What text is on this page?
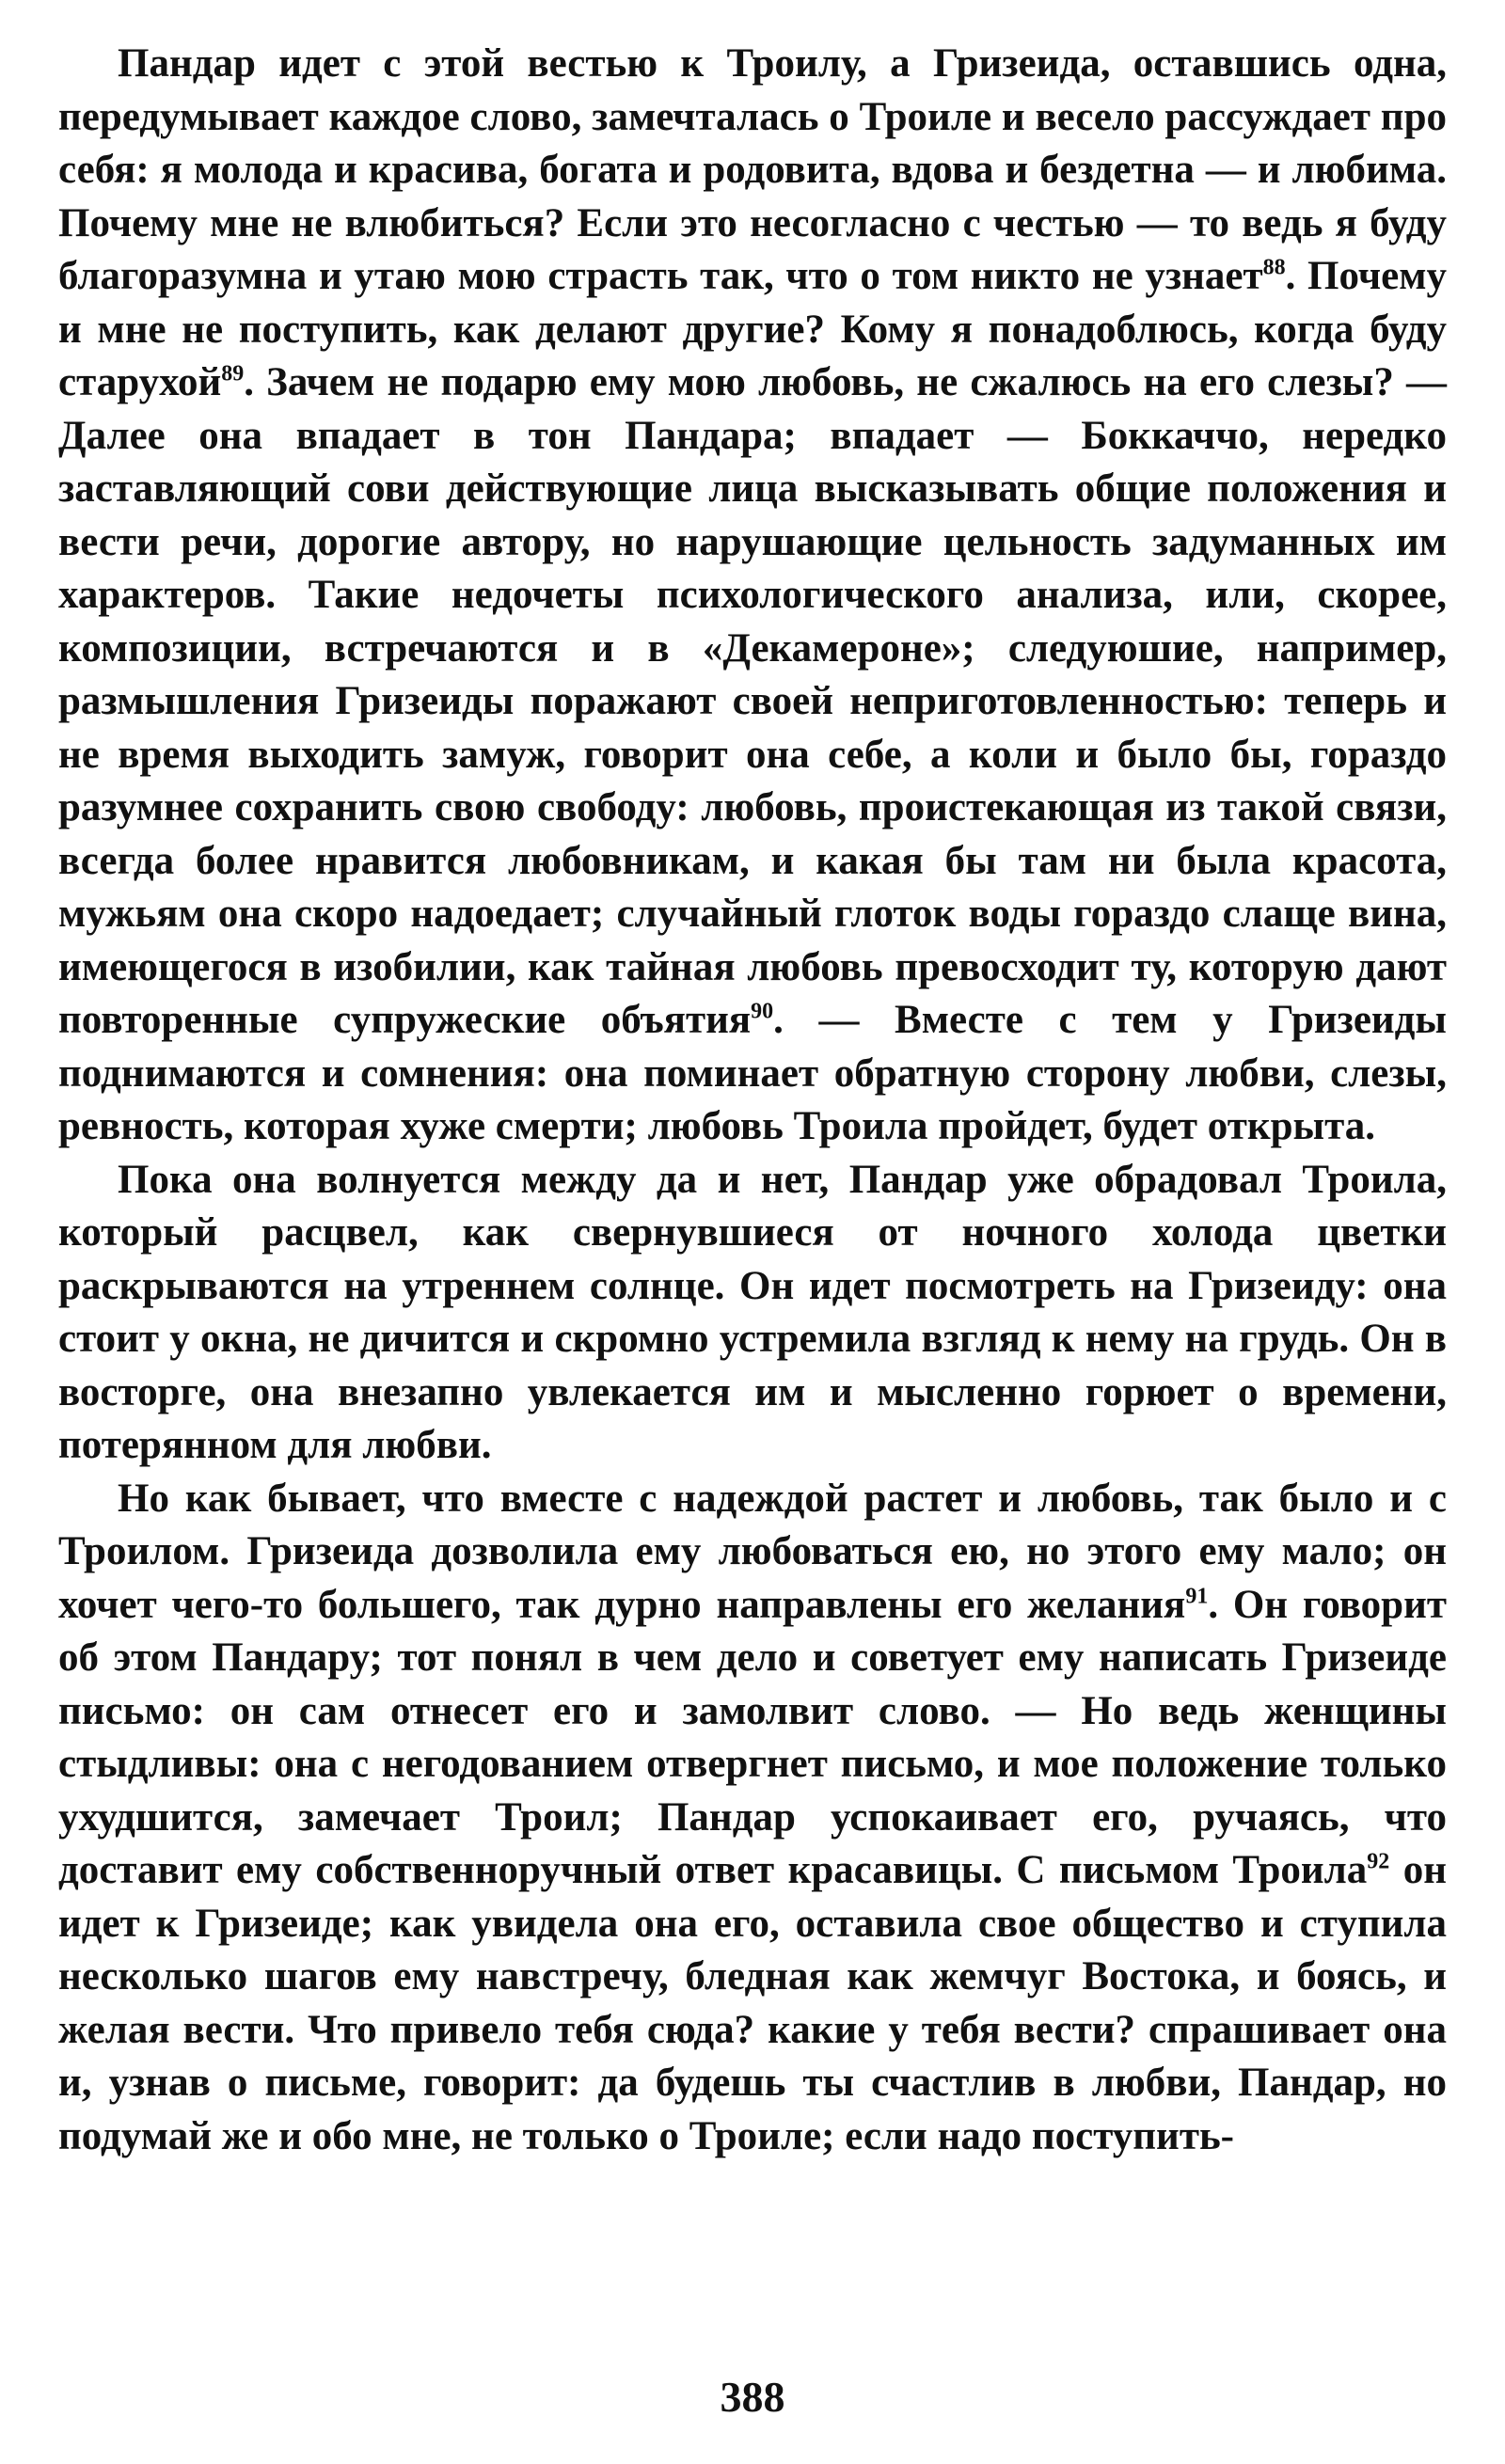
Пандар идет с этой вестью к Троилу, а Гризеида, оставшись одна, передумывает каждое слово, замечталась о Троиле и весело рассуждает про себя: я молода и красива, богата и родовита, вдова и бездетна — и любима. Почему мне не влюбиться? Если это несогласно с честью — то ведь я буду благоразумна и утаю мою страсть так, что о том никто не узнает$^{88}$. Почему и мне не поступить, как делают другие? Кому я понадоблюсь, когда буду старухой$^{89}$. Зачем не подарю ему мою любовь, не сжалюсь на его слезы? — Далее она впадает в тон Пандара; впадает — Боккаччо, нередко заставляющий сови действующие лица высказывать общие положения и вести речи, дорогие автору, но нарушающие цельность задуманных им характеров. Такие недочеты психологического анализа, или, скорее, композиции, встречаются и в «Декамероне»; следуюшие, например, размышления Гризеиды поражают своей неприготовленностью: теперь и не время выходить замуж, говорит она себе, а коли и было бы, гораздо разумнее сохранить свою свободу: любовь, проистекающая из такой связи, всегда более нравится любовникам, и какая бы там ни была красота, мужьям она скоро надоедает; случайный глоток воды гораздо слаще вина, имеющегося в изобилии, как тайная любовь превосходит ту, которую дают повторенные супружеские объятия$^{90}$. — Вместе с тем у Гризеиды поднимаются и сомнения: она поминает обратную сторону любви, слезы, ревность, которая хуже смерти; любовь Троила пройдет, будет открыта.

Пока она волнуется между да и нет, Пандар уже обрадовал Троила, который расцвел, как свернувшиеся от ночного холода цветки раскрываются на утреннем солнце. Он идет посмотреть на Гризеиду: она стоит у окна, не дичится и скромно устремила взгляд к нему на грудь. Он в восторге, она внезапно увлекается им и мысленно горюет о времени, потерянном для любви.

Но как бывает, что вместе с надеждой растет и любовь, так было и с Троилом. Гризеида дозволила ему любоваться ею, но этого ему мало; он хочет чего-то большего, так дурно направлены его желания$^{91}$. Он говорит об этом Пандару; тот понял в чем дело и советует ему написать Гризеиде письмо: он сам отнесет его и замолвит слово. — Но ведь женщины стыдливы: она с негодованием отвергнет письмо, и мое положение только ухудшится, замечает Троил; Пандар успокаивает его, ручаясь, что доставит ему собственноручный ответ красавицы. С письмом Троила$^{92}$ он идет к Гризеиде; как увидела она его, оставила свое общество и ступила несколько шагов ему навстречу, бледная как жемчуг Востока, и боясь, и желая вести. Что привело тебя сюда? какие у тебя вести? спрашивает она и, узнав о письме, говорит: да будешь ты счастлив в любви, Пандар, но подумай же и обо мне, не только о Троиле; если надо поступить-

388
